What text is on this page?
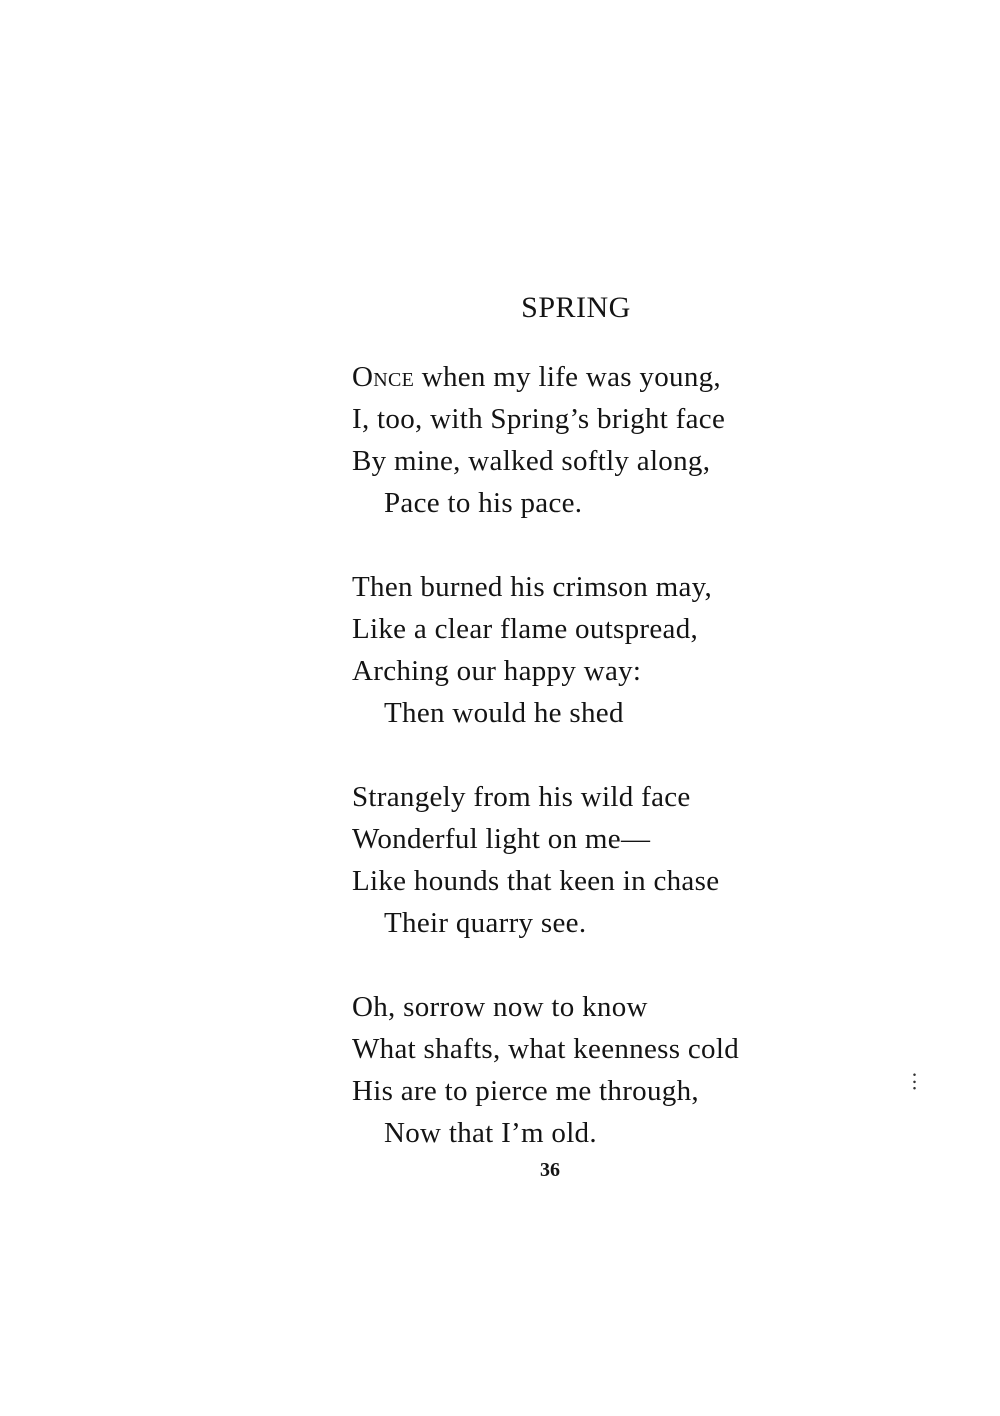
SPRING
Once when my life was young,
I, too, with Spring’s bright face
By mine, walked softly along,
Pace to his pace.
Then burned his crimson may,
Like a clear flame outspread,
Arching our happy way:
Then would he shed
Strangely from his wild face
Wonderful light on me—
Like hounds that keen in chase
Their quarry see.
Oh, sorrow now to know
What shafts, what keenness cold
His are to pierce me through,
Now that I’m old.
36
